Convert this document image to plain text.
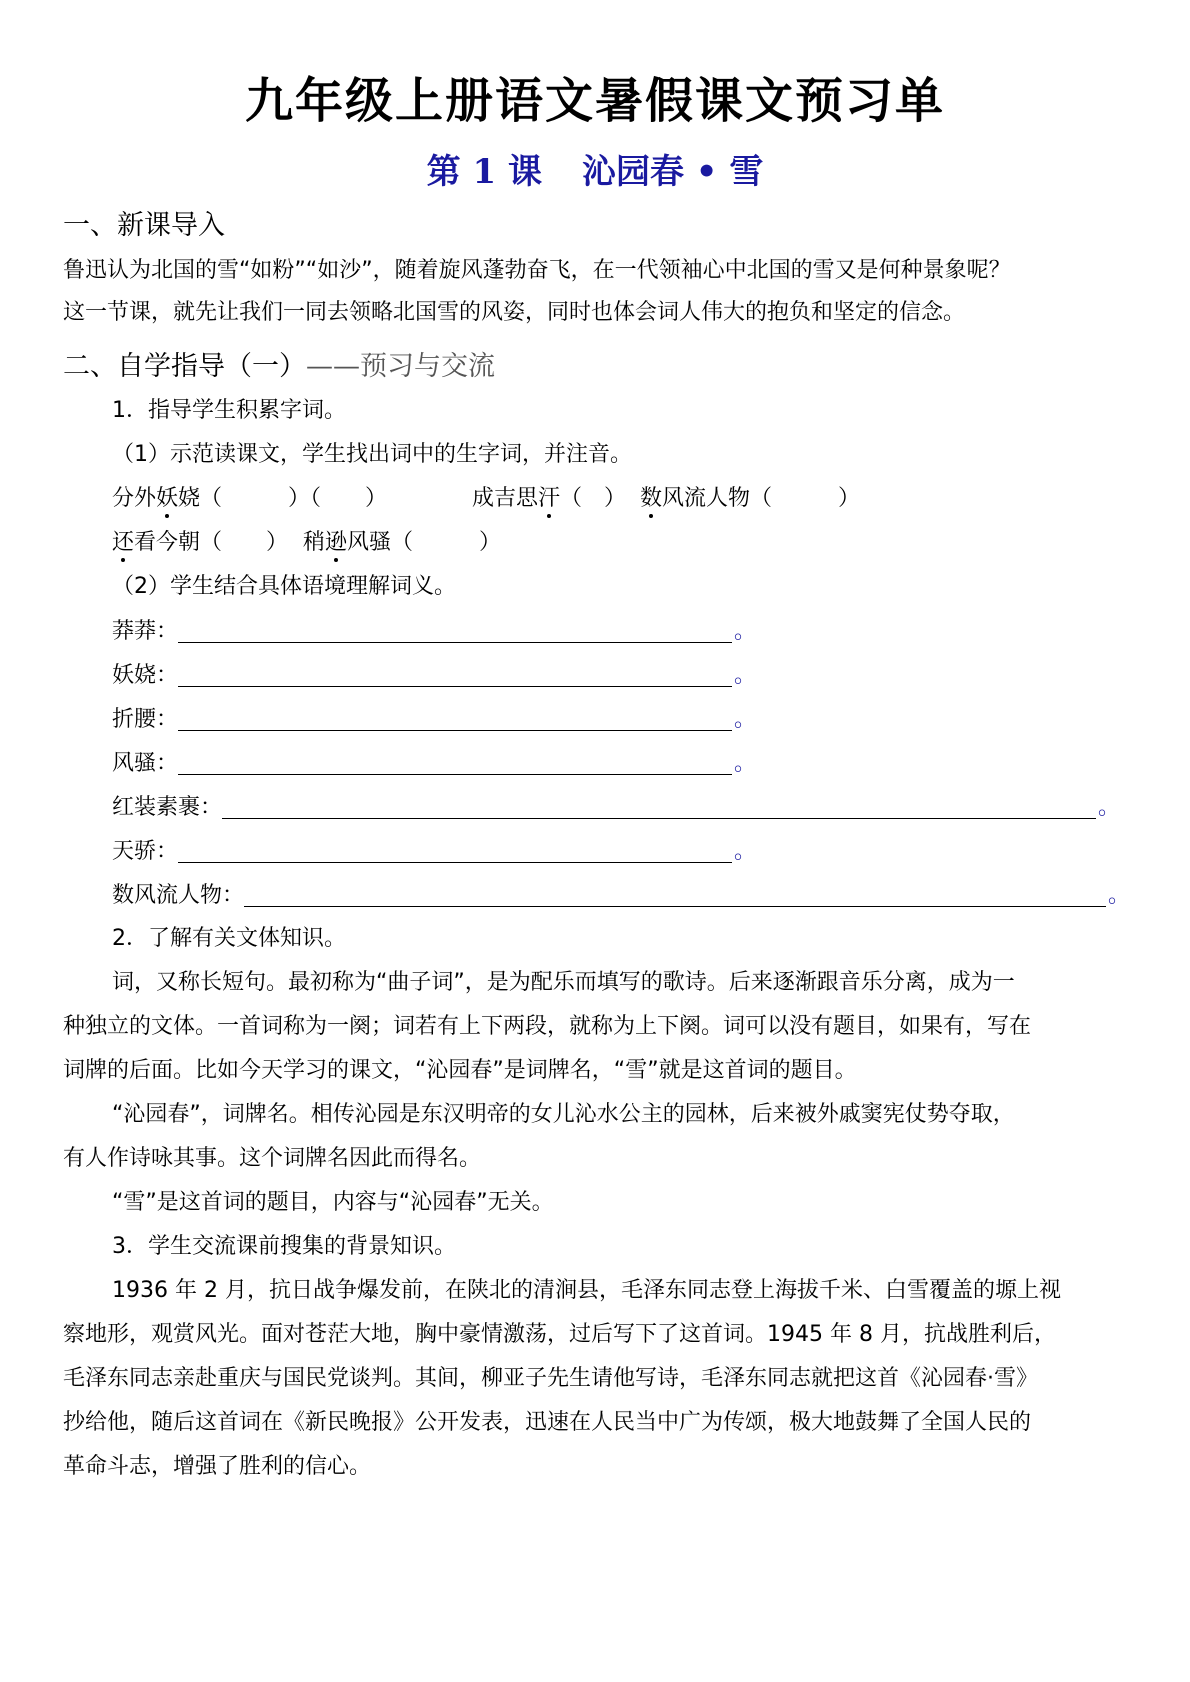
九年级上册语文暑假课文预习单
第 1 课 沁园春 • 雪
一、新课导入
鲁迅认为北国的雪“如粉”“如沙”，随着旋风蓬勃奋飞，在一代领袖心中北国的雪又是何种景象呢？
这一节课，就先让我们一同去领略北国雪的风姿，同时也体会词人伟大的抱负和坚定的信念。
二、自学指导（一）——预习与交流
1．指导学生积累字词。
（1）示范读课文，学生找出词中的生字词，并注音。
分外妖娆（　　　）（　　）	成吉思汗（　） 数风流人物（　　　）
还看今朝（　　） 稍逊风骚（　　　）
（2）学生结合具体语境理解词义。
莽莽：	。
妖娆：	。
折腰：	。
风骚：	。
红装素裹：	。
天骄：	。
数风流人物：	。
2．了解有关文体知识。
词，又称长短句。最初称为“曲子词”，是为配乐而填写的歌诗。后来逐渐跟音乐分离，成为一
种独立的文体。一首词称为一阕；词若有上下两段，就称为上下阕。词可以没有题目，如果有，写在
词牌的后面。比如今天学习的课文，“沁园春”是词牌名，“雪”就是这首词的题目。
“沁园春”，词牌名。相传沁园是东汉明帝的女儿沁水公主的园林，后来被外戚窦宪仗势夺取，
有人作诗咏其事。这个词牌名因此而得名。
“雪”是这首词的题目，内容与“沁园春”无关。
3．学生交流课前搜集的背景知识。
1936 年 2 月，抗日战争爆发前，在陕北的清涧县，毛泽东同志登上海拔千米、白雪覆盖的塬上视
察地形，观赏风光。面对苍茫大地，胸中豪情激荡，过后写下了这首词。1945 年 8 月，抗战胜利后，
毛泽东同志亲赴重庆与国民党谈判。其间，柳亚子先生请他写诗，毛泽东同志就把这首《沁园春·雪》
抄给他，随后这首词在《新民晚报》公开发表，迅速在人民当中广为传颂，极大地鼓舞了全国人民的
革命斗志，增强了胜利的信心。
